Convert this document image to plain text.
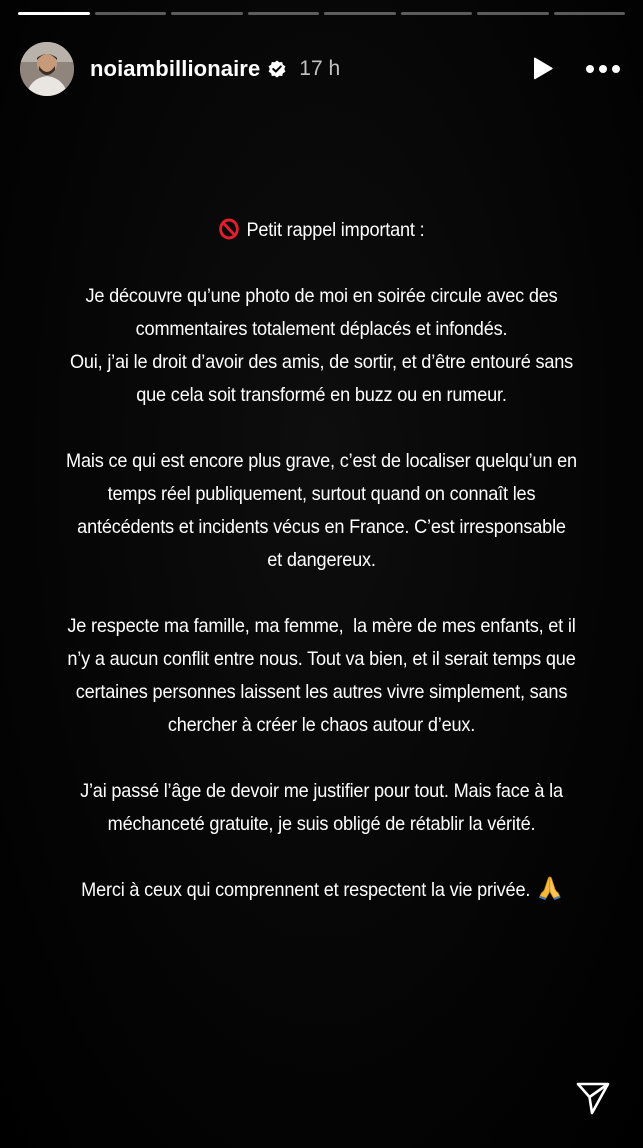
noiambillionaire 17 h

Petit rappel important :

Je découvre qu’une photo de moi en soirée circule avec des
commentaires totalement déplacés et infondés.
Oui, j’ai le droit d’avoir des amis, de sortir, et d’être entouré sans
que cela soit transformé en buzz ou en rumeur.

Mais ce qui est encore plus grave, c’est de localiser quelqu’un en
temps réel publiquement, surtout quand on connaît les
antécédents et incidents vécus en France. C’est irresponsable
et dangereux.

Je respecte ma famille, ma femme,  la mère de mes enfants, et il
n’y a aucun conflit entre nous. Tout va bien, et il serait temps que
certaines personnes laissent les autres vivre simplement, sans
chercher à créer le chaos autour d’eux.

J’ai passé l’âge de devoir me justifier pour tout. Mais face à la
méchanceté gratuite, je suis obligé de rétablir la vérité.

Merci à ceux qui comprennent et respectent la vie privée.
